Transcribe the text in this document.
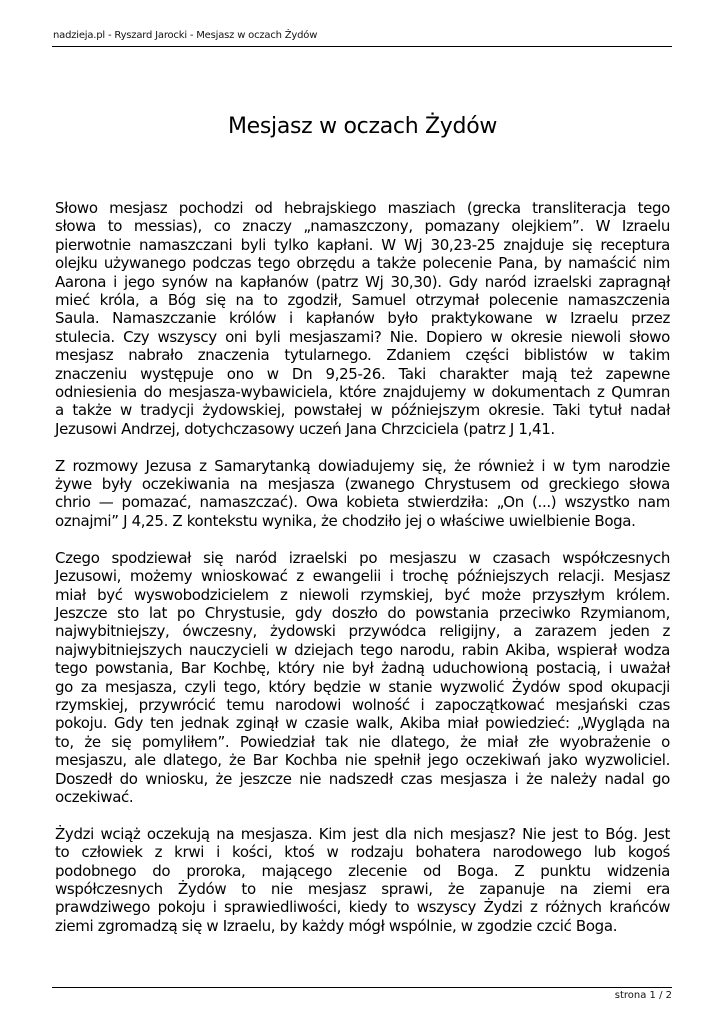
nadzieja.pl - Ryszard Jarocki - Mesjasz w oczach Żydów
Mesjasz w oczach Żydów

Słowo mesjasz pochodzi od hebrajskiego masziach (grecka transliteracja tego
słowa to messias), co znaczy „namaszczony, pomazany olejkiem”. W Izraelu
pierwotnie namaszczani byli tylko kapłani. W Wj 30,23-25 znajduje się receptura
olejku używanego podczas tego obrzędu a także polecenie Pana, by namaścić nim
Aarona i jego synów na kapłanów (patrz Wj 30,30). Gdy naród izraelski zapragnął
mieć króla, a Bóg się na to zgodził, Samuel otrzymał polecenie namaszczenia
Saula. Namaszczanie królów i kapłanów było praktykowane w Izraelu przez
stulecia. Czy wszyscy oni byli mesjaszami? Nie. Dopiero w okresie niewoli słowo
mesjasz nabrało znaczenia tytularnego. Zdaniem części biblistów w takim
znaczeniu występuje ono w Dn 9,25-26. Taki charakter mają też zapewne
odniesienia do mesjasza-wybawiciela, które znajdujemy w dokumentach z Qumran
a także w tradycji żydowskiej, powstałej w późniejszym okresie. Taki tytuł nadał
Jezusowi Andrzej, dotychczasowy uczeń Jana Chrzciciela (patrz J 1,41.

Z rozmowy Jezusa z Samarytanką dowiadujemy się, że również i w tym narodzie
żywe były oczekiwania na mesjasza (zwanego Chrystusem od greckiego słowa
chrio — pomazać, namaszczać). Owa kobieta stwierdziła: „On (...) wszystko nam
oznajmi” J 4,25. Z kontekstu wynika, że chodziło jej o właściwe uwielbienie Boga.

Czego spodziewał się naród izraelski po mesjaszu w czasach współczesnych
Jezusowi, możemy wnioskować z ewangelii i trochę późniejszych relacji. Mesjasz
miał być wyswobodzicielem z niewoli rzymskiej, być może przyszłym królem.
Jeszcze sto lat po Chrystusie, gdy doszło do powstania przeciwko Rzymianom,
najwybitniejszy, ówczesny, żydowski przywódca religijny, a zarazem jeden z
najwybitniejszych nauczycieli w dziejach tego narodu, rabin Akiba, wspierał wodza
tego powstania, Bar Kochbę, który nie był żadną uduchowioną postacią, i uważał
go za mesjasza, czyli tego, który będzie w stanie wyzwolić Żydów spod okupacji
rzymskiej, przywrócić temu narodowi wolność i zapoczątkować mesjański czas
pokoju. Gdy ten jednak zginął w czasie walk, Akiba miał powiedzieć: „Wygląda na
to, że się pomyliłem”. Powiedział tak nie dlatego, że miał złe wyobrażenie o
mesjaszu, ale dlatego, że Bar Kochba nie spełnił jego oczekiwań jako wyzwoliciel.
Doszedł do wniosku, że jeszcze nie nadszedł czas mesjasza i że należy nadal go
oczekiwać.

Żydzi wciąż oczekują na mesjasza. Kim jest dla nich mesjasz? Nie jest to Bóg. Jest
to człowiek z krwi i kości, ktoś w rodzaju bohatera narodowego lub kogoś
podobnego do proroka, mającego zlecenie od Boga. Z punktu widzenia
współczesnych Żydów to nie mesjasz sprawi, że zapanuje na ziemi era
prawdziwego pokoju i sprawiedliwości, kiedy to wszyscy Żydzi z różnych krańców
ziemi zgromadzą się w Izraelu, by każdy mógł wspólnie, w zgodzie czcić Boga.

strona 1 / 2
